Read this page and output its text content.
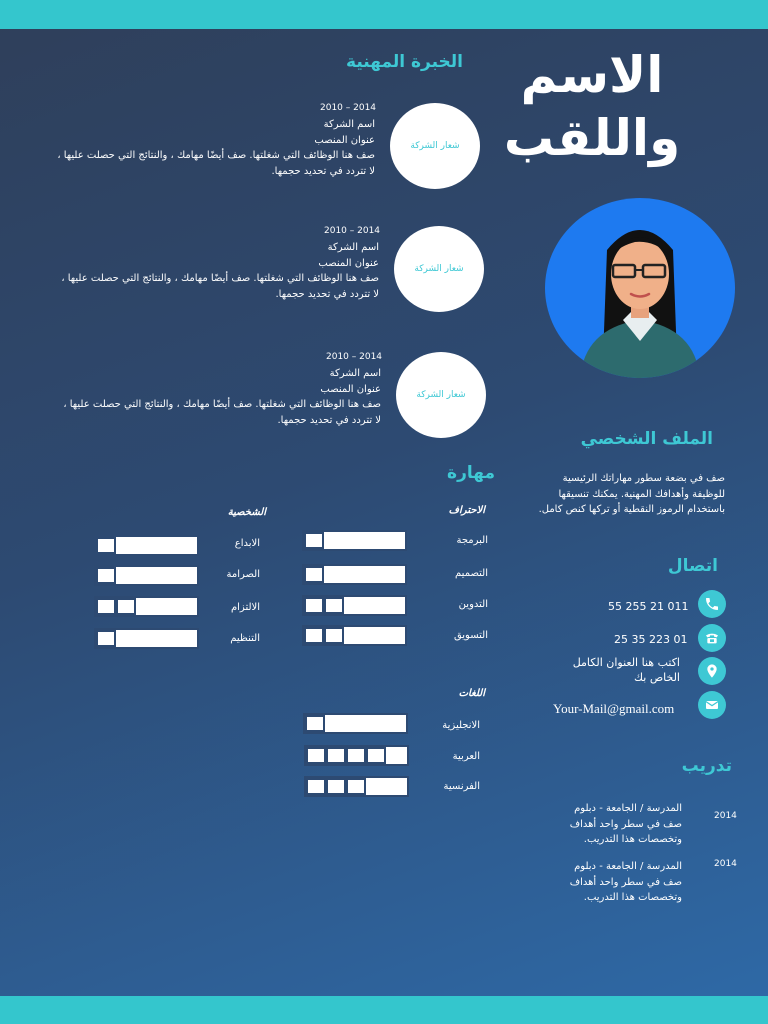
الاسم
واللقب
الخبرة المهنية
2010 – 2014
اسم الشركة
عنوان المنصب
صف هنا الوظائف التي شغلتها. صف أيضًا مهامك ، والنتائج التي حصلت عليها ،
لا تتردد في تحديد حجمها.
شعار الشركة
2010 – 2014
اسم الشركة
عنوان المنصب
صف هنا الوظائف التي شغلتها. صف أيضًا مهامك ، والنتائج التي حصلت عليها ،
لا تتردد في تحديد حجمها.
شعار الشركة
2010 – 2014
اسم الشركة
عنوان المنصب
صف هنا الوظائف التي شغلتها. صف أيضًا مهامك ، والنتائج التي حصلت عليها ،
لا تتردد في تحديد حجمها.
شعار الشركة
الملف الشخصي
صف في بضعة سطور مهاراتك الرئيسية
للوظيفة وأهدافك المهنية. يمكنك تنسيقها
باستخدام الرموز النقطية أو تركها كنص كامل.
اتصال
55 255 21 011
25 35 223 01
اكتب هنا العنوان الكامل
الخاص بك
Your-Mail@gmail.com
تدريب
2014
المدرسة / الجامعة - دبلوم
صف في سطر واحد أهداف
وتخصصات هذا التدريب.
2014
المدرسة / الجامعة - دبلوم
صف في سطر واحد أهداف
وتخصصات هذا التدريب.
مهارة
الاحتراف
الشخصية
اللغات
البرمجة
التصميم
التدوين
التسويق
الابداع
الصرامة
الالتزام
التنظيم
الانجليزية
العربية
الفرنسية
